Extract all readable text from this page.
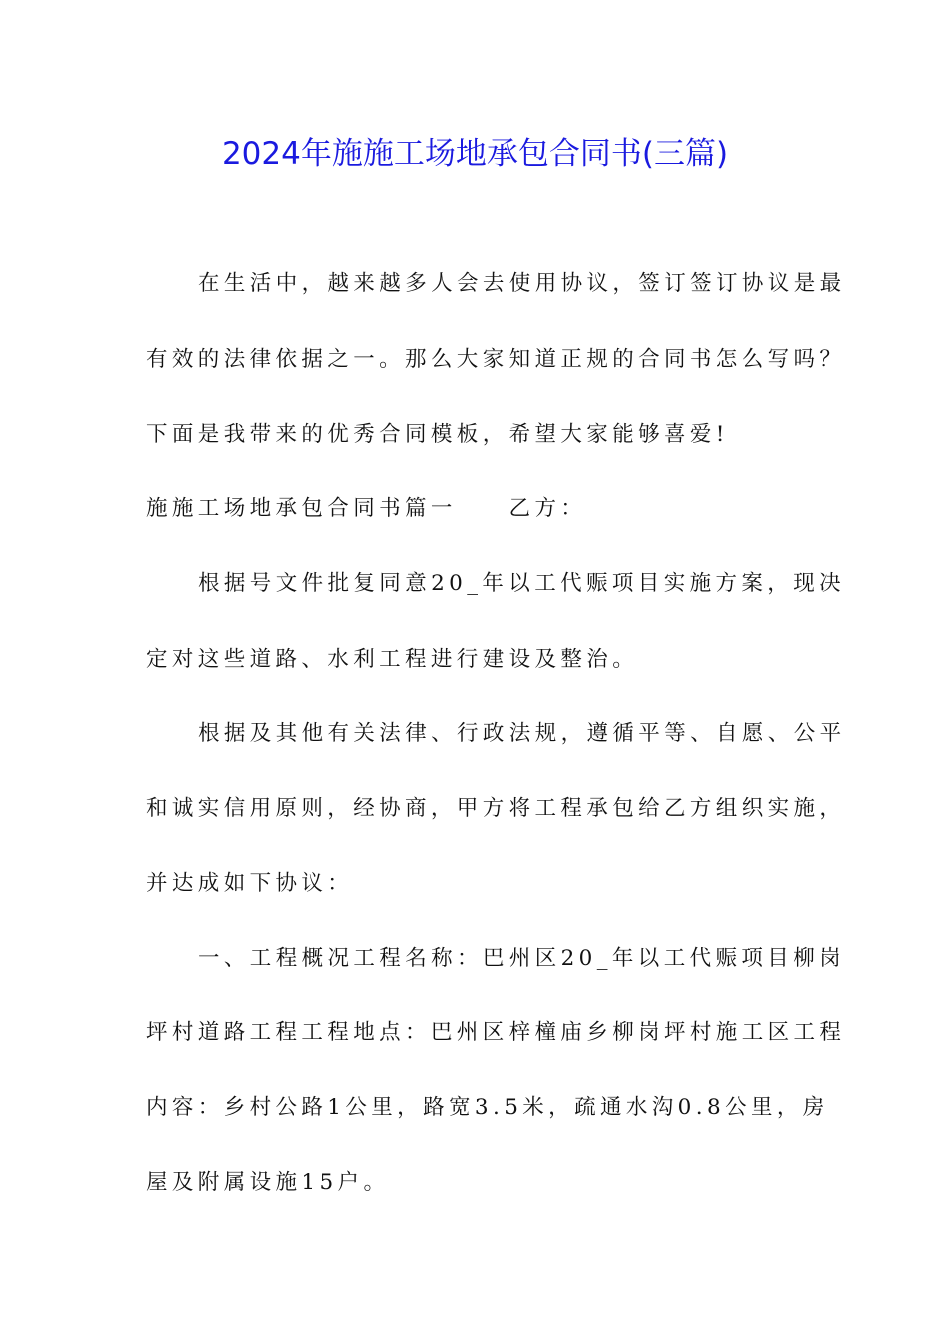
2024年施施工场地承包合同书(三篇)
在生活中，越来越多人会去使用协议，签订签订协议是最
有效的法律依据之一。那么大家知道正规的合同书怎么写吗？
下面是我带来的优秀合同模板，希望大家能够喜爱!
施施工场地承包合同书篇一　　乙方：
根据号文件批复同意20_年以工代赈项目实施方案，现决
定对这些道路、水利工程进行建设及整治。
根据及其他有关法律、行政法规，遵循平等、自愿、公平
和诚实信用原则，经协商，甲方将工程承包给乙方组织实施，
并达成如下协议：
一、工程概况工程名称：巴州区20_年以工代赈项目柳岗
坪村道路工程工程地点：巴州区梓橦庙乡柳岗坪村施工区工程
内容：乡村公路1公里，路宽3.5米，疏通水沟0.8公里，房
屋及附属设施15户。
